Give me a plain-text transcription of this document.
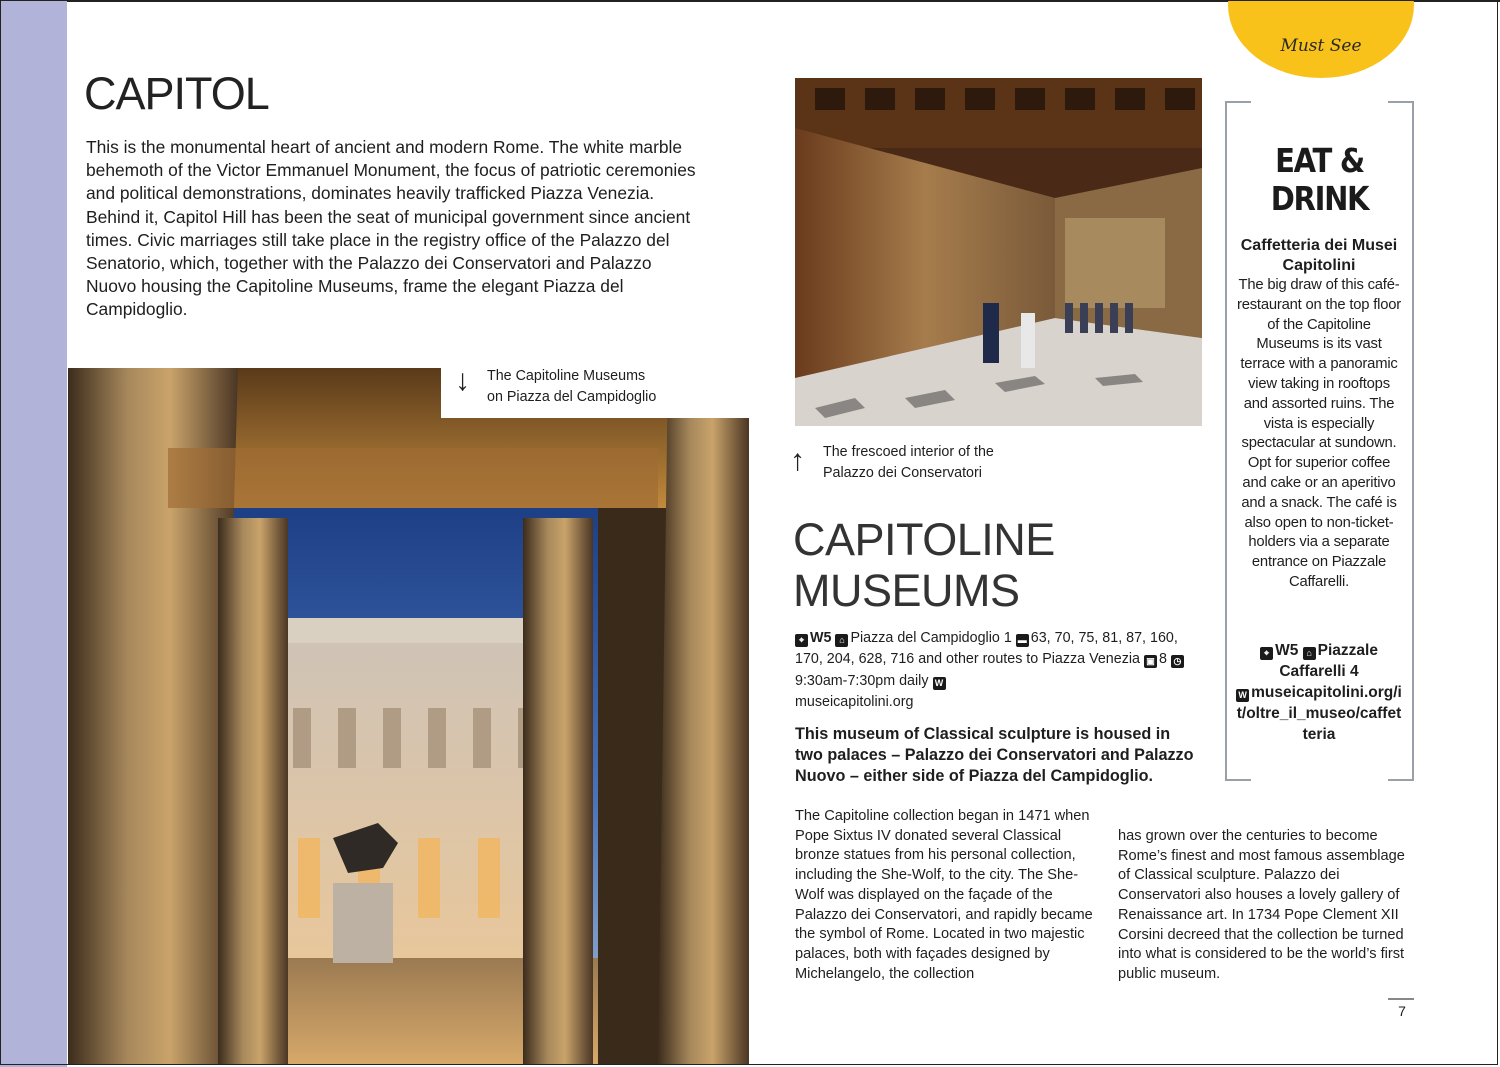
Must See
CAPITOL

This is the monumental heart of ancient and modern Rome. The white marble behemoth of the Victor Emmanuel Monument, the focus of patriotic ceremonies and political demonstrations, dominates heavily trafficked Piazza Venezia. Behind it, Capitol Hill has been the seat of municipal government since ancient times. Civic marriages still take place in the registry office of the Palazzo del Senatorio, which, together with the Palazzo dei Conservatori and Palazzo Nuovo housing the Capitoline Museums, frame the elegant Piazza del Campidoglio.

↓ The Capitoline Museums
on Piazza del Campidoglio

↑ The frescoed interior of the
Palazzo dei Conservatori

CAPITOLINE
MUSEUMS

⌖ W5 ⌂ Piazza del Campidoglio 1 ▬ 63, 70, 75, 81, 87, 160, 170, 204, 628, 716 and other routes to Piazza Venezia ▣ 8 ◷9:30am-7:30pm daily W
museicapitolini.org

This museum of Classical sculpture is housed in two palaces – Palazzo dei Conservatori and Palazzo Nuovo – either side of Piazza del Campidoglio.

The Capitoline collection began in 1471 when Pope Sixtus IV donated several Classical bronze statues from his personal collection, including the She-Wolf, to the city. The She-Wolf was displayed on the façade of the Palazzo dei Conservatori, and rapidly became the symbol of Rome. Located in two majestic palaces, both with façades designed by Michelangelo, the collection

has grown over the centuries to become Rome’s finest and most famous assemblage of Classical sculpture. Palazzo dei Conservatori also houses a lovely gallery of Renaissance art. In 1734 Pope Clement XII Corsini decreed that the collection be turned into what is considered to be the world’s first public museum.

EAT &
DRINK

Caffetteria dei Musei Capitolini

The big draw of this café-restaurant on the top floor of the Capitoline Museums is its vast terrace with a panoramic view taking in rooftops and assorted ruins. The vista is especially spectacular at sundown. Opt for superior coffee and cake or an aperitivo and a snack. The café is also open to non-ticket- holders via a separate entrance on Piazzale Caffarelli.

⌖ W5 ⌂ Piazzale Caffarelli 4
W museicapitolini.org/it/oltre_il_museo/caffetteria

7
